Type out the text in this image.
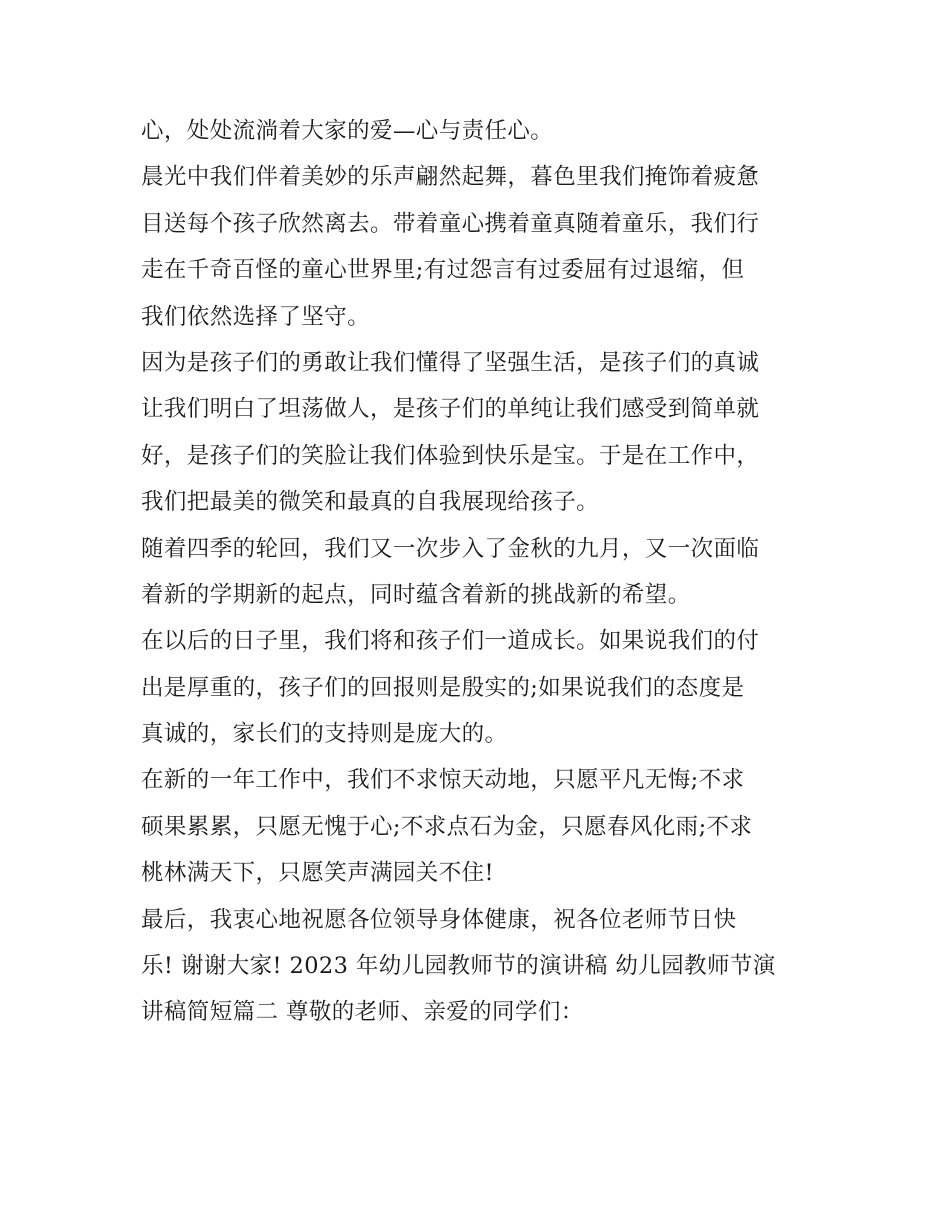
心，处处流淌着大家的爱—心与责任心。
晨光中我们伴着美妙的乐声翩然起舞，暮色里我们掩饰着疲惫
目送每个孩子欣然离去。带着童心携着童真随着童乐，我们行
走在千奇百怪的童心世界里;有过怨言有过委屈有过退缩，但
我们依然选择了坚守。
因为是孩子们的勇敢让我们懂得了坚强生活，是孩子们的真诚
让我们明白了坦荡做人，是孩子们的单纯让我们感受到简单就
好，是孩子们的笑脸让我们体验到快乐是宝。于是在工作中，
我们把最美的微笑和最真的自我展现给孩子。
随着四季的轮回，我们又一次步入了金秋的九月，又一次面临
着新的学期新的起点，同时蕴含着新的挑战新的希望。
在以后的日子里，我们将和孩子们一道成长。如果说我们的付
出是厚重的，孩子们的回报则是殷实的;如果说我们的态度是
真诚的，家长们的支持则是庞大的。
在新的一年工作中，我们不求惊天动地，只愿平凡无悔;不求
硕果累累，只愿无愧于心;不求点石为金，只愿春风化雨;不求
桃林满天下，只愿笑声满园关不住!
最后，我衷心地祝愿各位领导身体健康，祝各位老师节日快
乐! 谢谢大家! 2023 年幼儿园教师节的演讲稿 幼儿园教师节演
讲稿简短篇二 尊敬的老师、亲爱的同学们：
